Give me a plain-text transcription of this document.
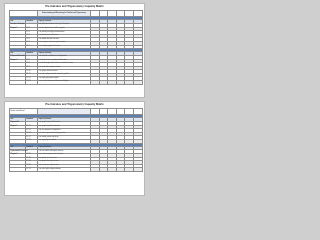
Pre-Calculus and Trigonometry Capacity Matrix
		Understanding and Reasoning for Calculus and Trigonometry						

Unit	Standard	Capacity Indicator						
Functions & Graphs		I can determine domain and range of functions						
Chapter 1	PC.1	I can classify functions and their graphs						
	PC.2	I can identify and apply transformations						
	PC.3	I can find inverses of functions						
	PC.4	I can model data with functions						
	PC.5	I can compose and decompose functions						
	PC.6	I can analyze graphs of functions						

Unit	Standard	Capacity Indicator						
Polynomial Functions		I can describe end behavior of polynomials						
Chapter 2	PC.7	I can find real zeros of polynomial functions						
	PC.8	I can divide polynomials and use remainder theorem						
	PC.9	I can work with complex numbers						
	PC.10	I can graph rational functions						
	PC.11	I can solve polynomial and rational inequalities						
	PC.12	I can apply polynomial models						
	PC.13	I can use the fundamental theorem of algebra						
Pre-Calculus and Trigonometry Capacity Matrix
Student name/Period								

Unit	Standard	Capacity Indicator						
Exponential		I can graph exponential functions						
Chapter 3	PC.14	I can graph logarithmic functions						
	PC.15	I can use properties of logarithms						
	PC.16	I can solve exponential and log equations						
	PC.17	I can model growth and decay						
	PC.18	I can apply logistic models						

Unit	Standard	Capacity Indicator						
Trigonometric Functions		I can use radian and degree measure						
Chapter 4	PC.19	I can evaluate trigonometric functions						
	PC.20	I can graph sine and cosine						
	PC.21	I can graph other trig functions						
	PC.22	I can use inverse trig functions						
	PC.23	I can solve right triangle problems						
